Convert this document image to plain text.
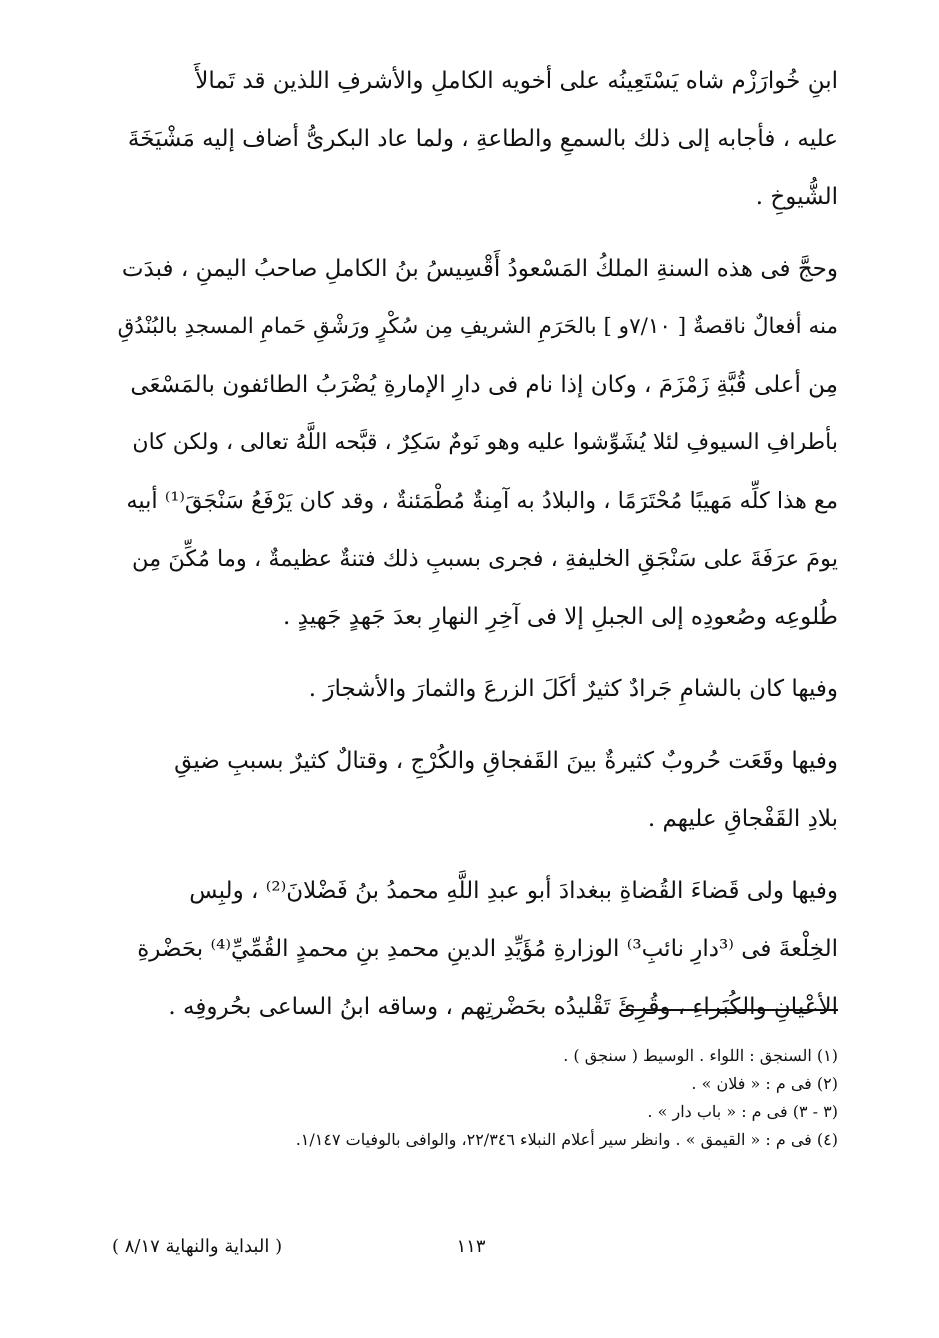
ابنِ خُوارَزْم شاه يَسْتَعِينُه على أخويه الكاملِ والأشرفِ اللذين قد تَمالأَ
عليه ، فأجابه إلى ذلك بالسمعِ والطاعةِ ، ولما عاد البكرىُّ أضاف إليه مَشْيَخَةَ
الشُّيوخِ .
وحجَّ فى هذه السنةِ الملكُ المَسْعودُ أَقْسِيسُ بنُ الكاملِ صاحبُ اليمنِ ، فبدَت
منه أفعالٌ ناقصةٌ [ ٧/١٠و ] بالحَرَمِ الشريفِ مِن سُكْرٍ ورَشْقِ حَمامِ المسجدِ بالبُنْدُقِ
مِن أعلى قُبَّةِ زَمْزَمَ ، وكان إذا نام فى دارِ الإمارةِ يُضْرَبُ الطائفون بالمَسْعَى
بأطرافِ السيوفِ لئلا يُشَوِّشوا عليه وهو نَومٌ سَكِرٌ ، قبَّحه اللَّهُ تعالى ، ولكن كان
مع هذا كلِّه مَهيبًا مُحْتَرَمًا ، والبلادُ به آمِنةٌ مُطْمَئنةٌ ، وقد كان يَرْفَعُ سَنْجَقَ⁽¹⁾ أبيه
يومَ عرَفَةَ على سَنْجَقِ الخليفةِ ، فجرى بسببِ ذلك فتنةٌ عظيمةٌ ، وما مُكِّنَ مِن
طُلوعِه وصُعودِه إلى الجبلِ إلا فى آخِرِ النهارِ بعدَ جَهدٍ جَهيدٍ .
وفيها كان بالشامِ جَرادٌ كثيرٌ أكَلَ الزرعَ والثمارَ والأشجارَ .
وفيها وقَعَت حُروبٌ كثيرةٌ بينَ القَفجاقِ والكُرْجِ ، وقتالٌ كثيرٌ بسببِ ضيقِ
بلادِ القَفْجاقِ عليهم .
وفيها ولى قَضاءَ القُضاةِ ببغدادَ أبو عبدِ اللَّهِ محمدُ بنُ فَضْلانَ⁽²⁾ ، ولبِس
الخِلْعةَ فى ⁽³دارِ نائبِ³⁾ الوزارةِ مُؤَيِّدِ الدينِ محمدِ بنِ محمدٍ القُمِّيِّ⁽⁴⁾ بحَضْرةِ
الأعْيانِ والكُبَراءِ ، وقُرِئَ تَقْليدُه بحَضْرتِهم ، وساقه ابنُ الساعى بحُروفِه .
(١) السنجق : اللواء . الوسيط ( سنجق ) .
(٢) فى م : « فلان » .
(٣ - ٣) فى م : « باب دار » .
(٤) فى م : « القيمق » . وانظر سير أعلام النبلاء ٢٢/٣٤٦، والوافى بالوفيات ١/١٤٧.
١١٣
( البداية والنهاية ٨/١٧ )
